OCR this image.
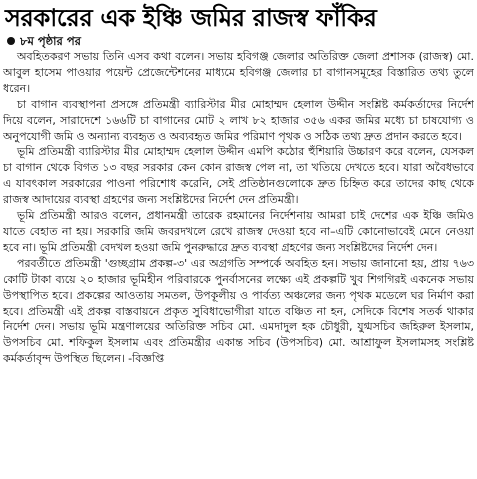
সরকারের এক ইঞ্চি জমির রাজস্ব ফাঁকির
৮ম পৃষ্ঠার পর

অবহিতকরণ সভায় তিনি এসব কথা বলেন। সভায় হবিগঞ্জ জেলার অতিরিক্ত জেলা প্রশাসক (রাজস্ব) মো. আবুল হাসেম পাওয়ার পয়েন্ট প্রেজেন্টেশনের মাধ্যমে হবিগঞ্জ জেলার চা বাগানসমূহের বিস্তারিত তথ্য তুলে ধরেন।

চা বাগান ব্যবস্থাপনা প্রসঙ্গে প্রতিমন্ত্রী ব্যারিস্টার মীর মোহাম্মদ হেলাল উদ্দীন সংশ্লিষ্ট কর্মকর্তাদের নির্দেশ দিয়ে বলেন, সারাদেশে ১৬৬টি চা বাগানের মোট ২ লাখ ৮২ হাজার ৩৫৬ একর জমির মধ্যে চা চাষযোগ্য ও অনুপযোগী জমি ও অন্যান্য ব্যবহৃত ও অব্যবহৃত জমির পরিমাণ পৃথক ও সঠিক তথ্য দ্রুত প্রদান করতে হবে।

ভূমি প্রতিমন্ত্রী ব্যারিস্টার মীর মোহাম্মদ হেলাল উদ্দীন এমপি কঠোর হুঁশিয়ারি উচ্চারণ করে বলেন, যেসকল চা বাগান থেকে বিগত ১৩ বছর সরকার কেন কোন রাজস্ব পেল না, তা খতিয়ে দেখতে হবে। যারা অবৈধভাবে এ যাবৎকাল সরকারের পাওনা পরিশোধ করেনি, সেই প্রতিষ্ঠানগুলোকে দ্রুত চিহ্নিত করে তাদের কাছ থেকে রাজস্ব আদায়ের ব্যবস্থা গ্রহণের জন্য সংশ্লিষ্টদের নির্দেশ দেন প্রতিমন্ত্রী।

ভূমি প্রতিমন্ত্রী আরও বলেন, প্রধানমন্ত্রী তারেক রহমানের নির্দেশনায় আমরা চাই দেশের এক ইঞ্চি জমিও যাতে বেহাত না হয়। সরকারি জমি জবরদখলে রেখে রাজস্ব দেওয়া হবে না–এটি কোনোভাবেই মেনে নেওয়া হবে না। ভূমি প্রতিমন্ত্রী বেদখল হওয়া জমি পুনরুদ্ধারে দ্রুত ব্যবস্থা গ্রহণের জন্য সংশ্লিষ্টদের নির্দেশ দেন।

পরবর্তীতে প্রতিমন্ত্রী 'গুচ্ছগ্রাম প্রকল্প-৩' এর অগ্রগতি সম্পর্কে অবহিত হন। সভায় জানানো হয়, প্রায় ৭৬৩ কোটি টাকা ব্যয়ে ২০ হাজার ভূমিহীন পরিবারকে পুনর্বাসনের লক্ষ্যে এই প্রকল্পটি খুব শিগগিরই একনেক সভায় উপস্থাপিত হবে। প্রকল্পের আওতায় সমতল, উপকূলীয় ও পার্বত্য অঞ্চলের জন্য পৃথক মডেলে ঘর নির্মাণ করা হবে। প্রতিমন্ত্রী এই প্রকল্প বাস্তবায়নে প্রকৃত সুবিধাভোগীরা যাতে বঞ্চিত না হন, সেদিকে বিশেষ সতর্ক থাকার নির্দেশ দেন। সভায় ভূমি মন্ত্রণালয়ের অতিরিক্ত সচিব মো. এমদাদুল হক চৌধুরী, যুগ্মসচিব জহিরুল ইসলাম, উপসচিব মো. শফিকুল ইসলাম এবং প্রতিমন্ত্রীর একান্ত সচিব (উপসচিব) মো. আশ্রাফুল ইসলামসহ সংশ্লিষ্ট কর্মকর্তাবৃন্দ উপস্থিত ছিলেন। -বিজ্ঞপ্তি
